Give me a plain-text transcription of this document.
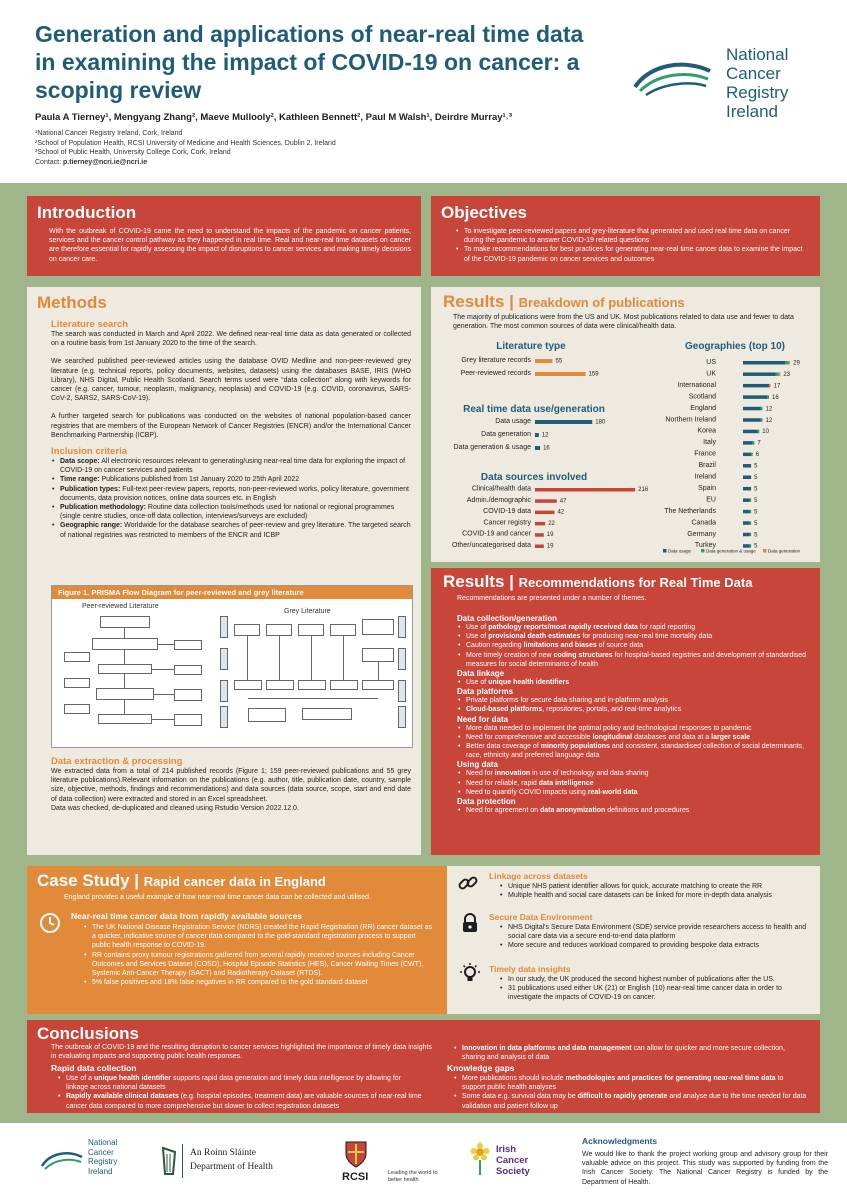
Generation and applications of near-real time data in examining the impact of COVID-19 on cancer: a scoping review
Paula A Tierney¹, Mengyang Zhang², Maeve Mullooly², Kathleen Bennett², Paul M Walsh¹, Deirdre Murray¹˒³
¹National Cancer Registry Ireland, Cork, Ireland
²School of Population Health, RCSI University of Medicine and Health Sciences, Dublin 2, Ireland
³School of Public Health, University College Cork, Cork, Ireland
Contact: p.tierney@ncri.ie@ncri.ie
National
Cancer
Registry
Ireland
Introduction
With the outbreak of COVID-19 came the need to understand the impacts of the pandemic on cancer patients, services and the cancer control pathway as they happened in real time. Real and near-real time datasets on cancer are therefore essential for rapidly assessing the impact of disruptions to cancer services and making timely decisions on cancer care.
Objectives
• To investigate peer-reviewed papers and grey-literature that generated and used real time data on cancer during the pandemic to answer COVID-19 related questions
• To make recommendations for best practices for generating near-real time cancer data to examine the impact of the COVID-19 pandemic on cancer services and outcomes
Methods
Literature search
The search was conducted in March and April 2022. We defined near-real time data as data generated or collected on a routine basis from 1st January 2020 to the time of the search.
We searched published peer-reviewed articles using the database OVID Medline and non-peer-reviewed grey literature (e.g. technical reports, policy documents, websites, datasets) using the databases BASE, IRIS (WHO Library), NHS Digital, Public Health Scotland. Search terms used were “data collection” along with keywords for cancer (e.g. cancer, tumour, neoplasm, malignancy, neoplasia) and COVID-19 (e.g. COVID, coronavirus, SARS-CoV-2, SARS2, SARS-CoV-19).
A further targeted search for publications was conducted on the websites of national population-based cancer registries that are members of the European Network of Cancer Registries (ENCR) and/or the International Cancer Benchmarking Partnership (ICBP).
Inclusion criteria
• Data scope: All electronic resources relevant to generating/using near-real time data for exploring the impact of COVID-19 on cancer services and patients
• Time range: Publications published from 1st January 2020 to 25th April 2022
• Publication types: Full-text peer-review papers, reports, non-peer-reviewed works, policy literature, government documents, data provision notices, online data sources etc. in English
• Publication methodology: Routine data collection tools/methods used for national or regional programmes (single centre studies, once-off data collection, interviews/surveys are excluded)
• Geographic range: Worldwide for the database searches of peer-review and grey literature. The targeted search of national registries was restricted to members of the ENCR and ICBP
Figure 1. PRISMA Flow Diagram for peer-reviewed and grey literature
Peer-reviewed Literature
Grey Literature
Data extraction & processing
We extracted data from a total of 214 published records (Figure 1; 159 peer-reviewed publications and 55 grey literature publications).Relevant information on the publications (e.g. author, title, publication date, country, sample size, objective, methods, findings and recommendations) and data sources (data source, scope, start and end date of data collection) were extracted and stored in an Excel spreadsheet.
Data was checked, de-duplicated and cleaned using Rstudio Version 2022.12.0.
Results | Breakdown of publications
The majority of publications were from the US and UK. Most publications related to data use and fewer to data generation. The most common sources of data were clinical/health data.
Literature type
Grey literature records	55
Peer-reviewed records	159
Real time data use/generation
Data usage	180
Data generation 12
Data generation & usage 16
Data sources involved
Clinical/health data	216
Admin./demographic	47
COVID-19 data	42
Cancer registry	22
COVID-19 and cancer	19
Other/uncategorised data	19
Geographies (top 10)
US	29
UK	23
International	17
Scotland	16
England	12
Northern Ireland	12
Korea	10
Italy	7
France	6
Brazil	5
Ireland	5
Spain	5
EU	5
The Netherlands	5
Canada	5
Germany	5
Turkey	5
Data usage	Data generation & usage	Data generation
Results | Recommendations for Real Time Data
Recommendations are presented under a number of themes.
Data collection/generation
• Use of pathology reports/most rapidly received data for rapid reporting
• Use of provisional death estimates for producing near-real time mortality data
• Caution regarding limitations and biases of source data
• More timely creation of new coding structures for hospital-based registries and development of standardised measures for social determinants of health
Data linkage
• Use of unique health identifiers
Data platforms
• Private platforms for secure data sharing and in-platform analysis
• Cloud-based platforms, repositories, portals, and real-time analytics
Need for data
• More data needed to implement the optimal policy and technological responses to pandemic
• Need for comprehensive and accessible longitudinal databases and data at a larger scale
• Better data coverage of minority populations and consistent, standardised collection of social determinants, race, ethnicity and preferred language data
Using data
• Need for innovation in use of technology and data sharing
• Need for reliable, rapid data intelligence
• Need to quantify COVID impacts using real-world data
Data protection
• Need for agreement on data anonymization definitions and procedures
Case Study | Rapid cancer data in England
England provides a useful example of how near-real time cancer data can be collected and utilised.
Near-real time cancer data from rapidly available sources
• The UK National Disease Registration Service (NDRS) created the Rapid Registration (RR) cancer dataset as a quicker, indicative source of cancer data compared to the gold-standard registration process to support public health response to COVID-19.
• RR contains proxy tumour registrations gathered from several rapidly received sources including Cancer Outcomes and Services Dataset (COSD), Hospital Episode Statistics (HES), Cancer Waiting Times (CWT), Systemic Anti-Cancer Therapy (SACT) and Radiotherapy Dataset (RTDS).
• 5% false positives and 18% false negatives in RR compared to the gold standard dataset
Linkage across datasets
• Unique NHS patient identifier allows for quick, accurate matching to create the RR
• Multiple health and social care datasets can be linked for more in-depth data analysis
Secure Data Environment
• NHS Digital's Secure Data Environment (SDE) service provide researchers access to health and social care data via a secure end-to-end data platform
• More secure and reduces workload compared to providing bespoke data extracts
Timely data insights
• In our study, the UK produced the second highest number of publications after the US.
• 31 publications used either UK (21) or English (10) near-real time cancer data in order to investigate the impacts of COVID-19 on cancer.
Conclusions
The outbreak of COVID-19 and the resulting disruption to cancer services highlighted the importance of timely data insights in evaluating impacts and supporting public health responses.
Rapid data collection
• Use of a unique health identifier supports rapid data generation and timely data intelligence by allowing for linkage across national datasets
• Rapidly available clinical datasets (e.g. hospital episodes, treatment data) are valuable sources of near-real time cancer data compared to more comprehensive but slower to collect registration datasets
• Innovation in data platforms and data management can allow for quicker and more secure collection, sharing and analysis of data
Knowledge gaps
• More publications should include methodologies and practices for generating near-real time data to support public health analyses
• Some data e.g. survival data may be difficult to rapidly generate and analyse due to the time needed for data validation and patient follow up
National
Cancer
Registry
Ireland
An Roinn Sláinte
Department of Health
RCSI	Leading the world to better health
Irish
Cancer
Society
Acknowledgments
We would like to thank the project working group and advisory group for their valuable advice on this project. This study was supported by funding from the Irish Cancer Society. The National Cancer Registry is funded by the Department of Health.
